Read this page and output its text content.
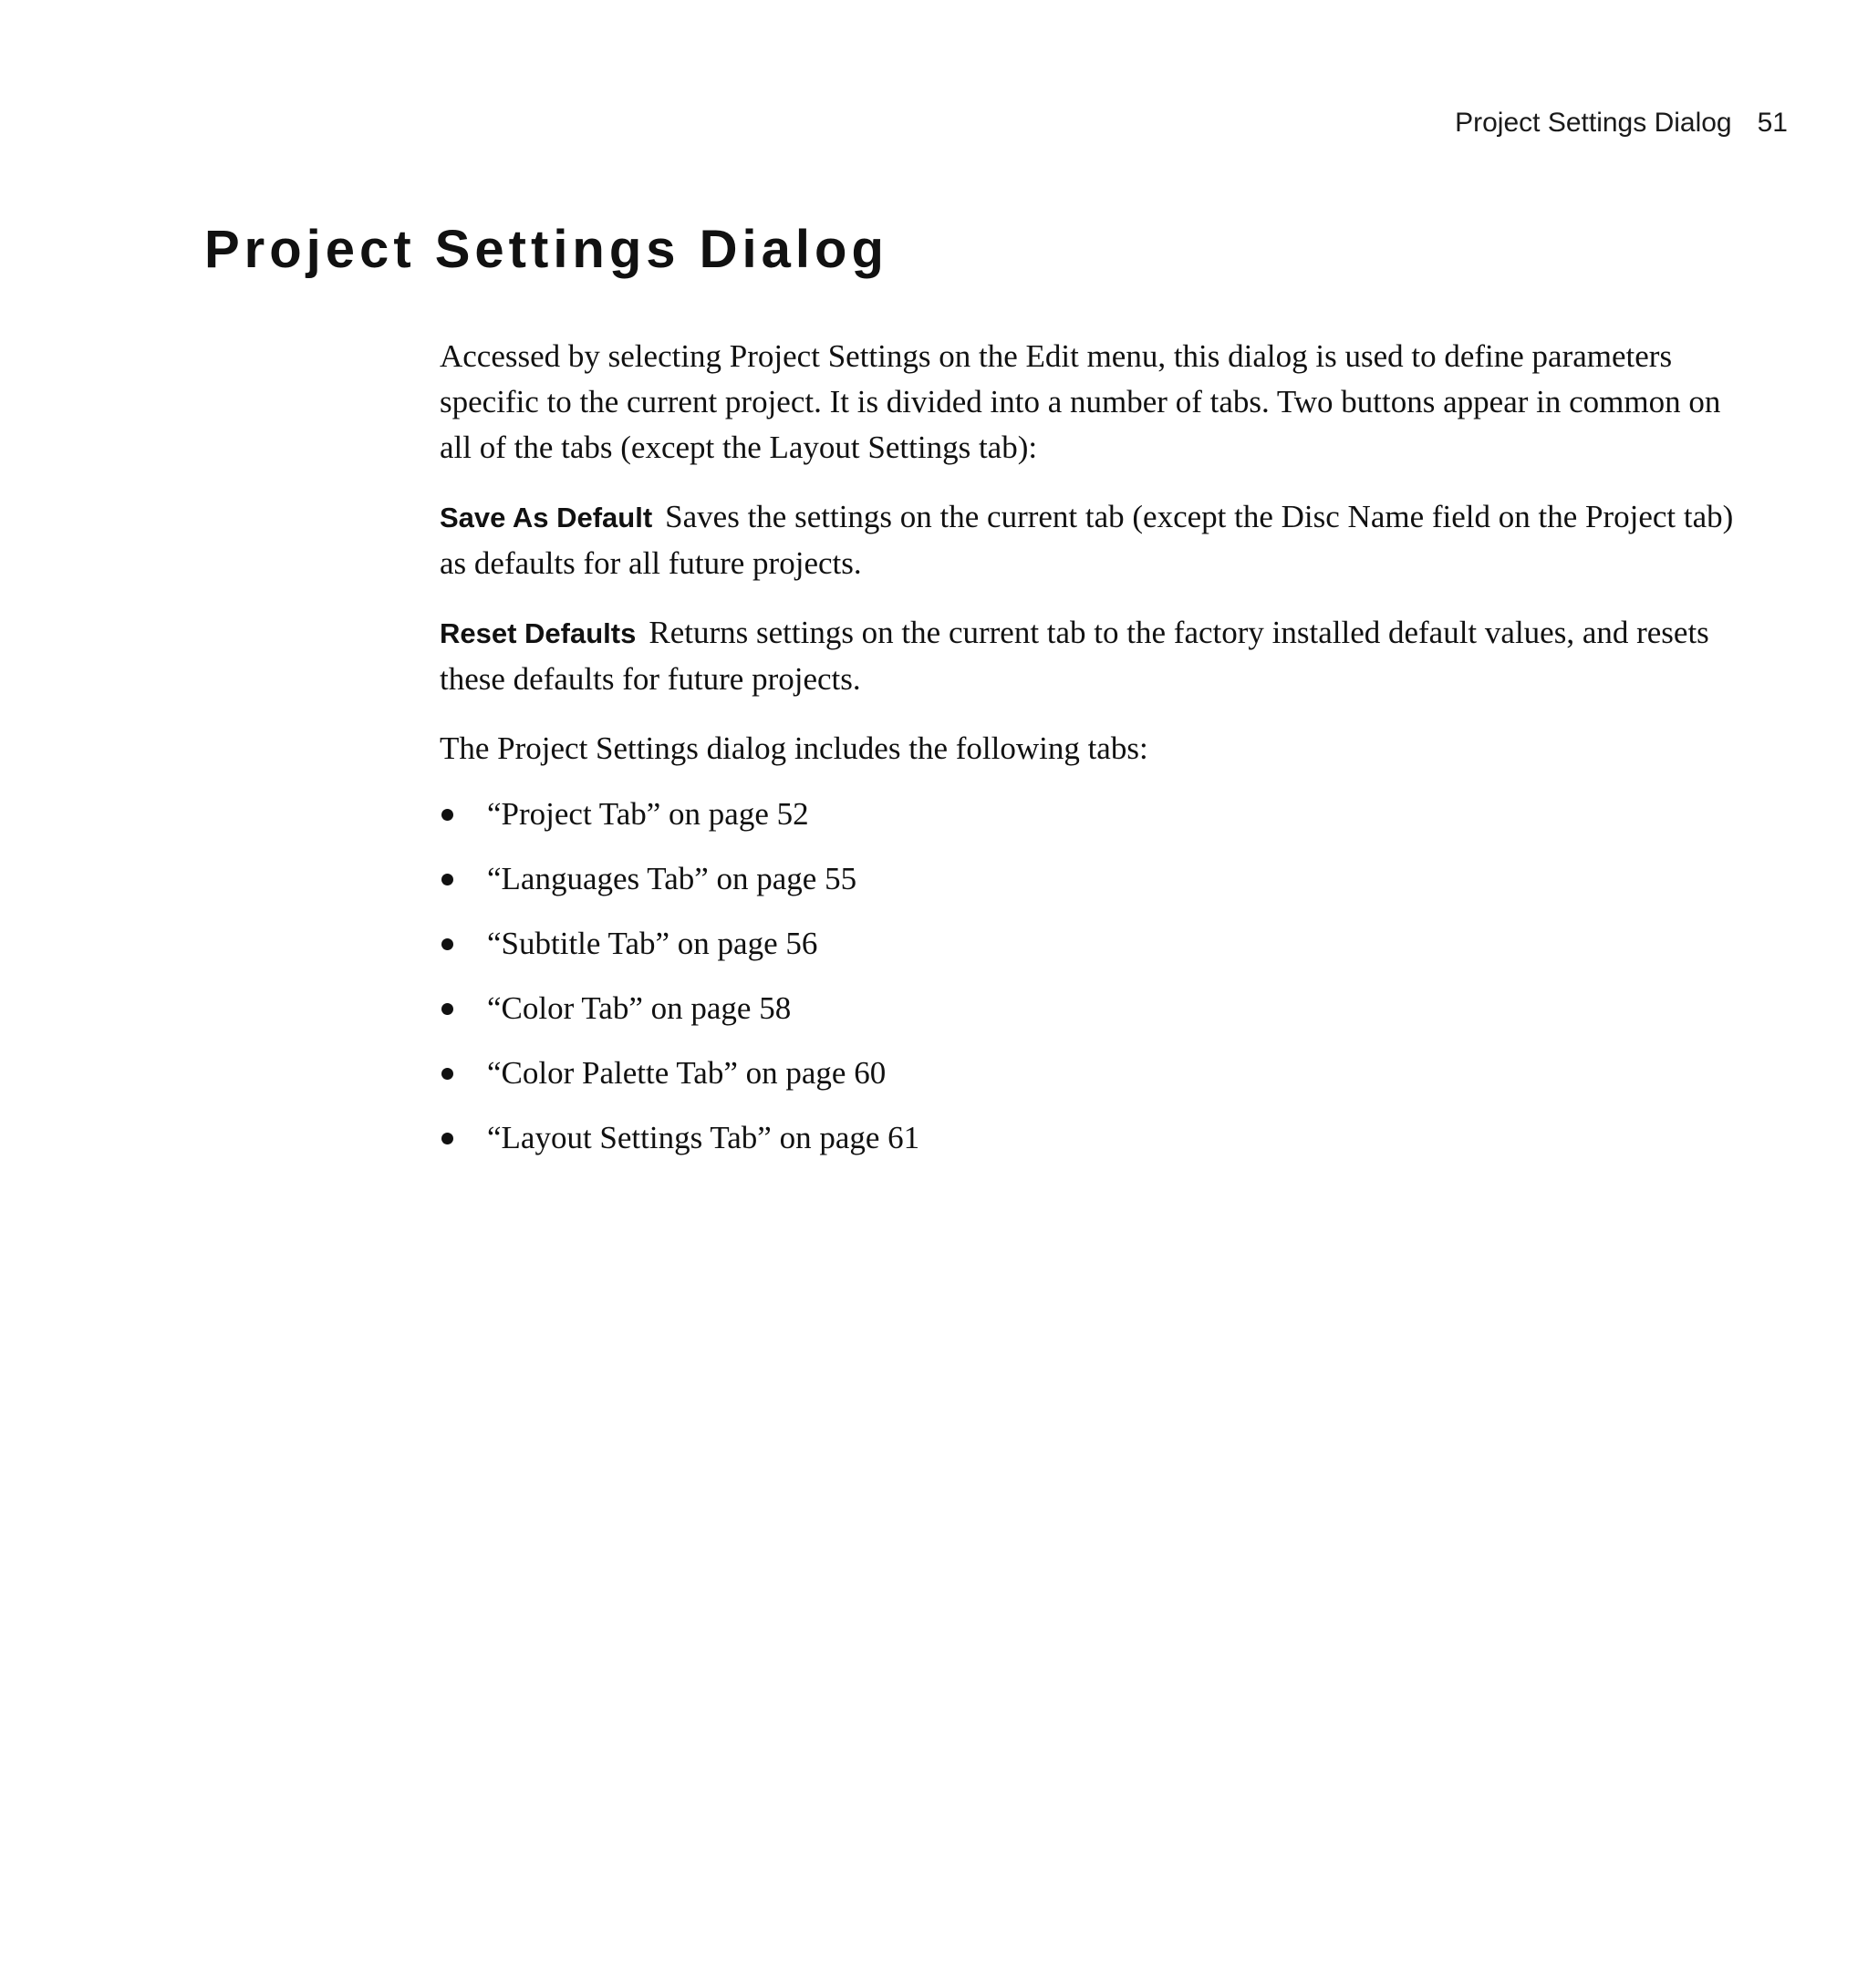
Project Settings Dialog 51
Project Settings Dialog

Accessed by selecting Project Settings on the Edit menu, this dialog is used to define parameters specific to the current project. It is divided into a number of tabs. Two buttons appear in common on all of the tabs (except the Layout Settings tab):

Save As Default Saves the settings on the current tab (except the Disc Name field on the Project tab) as defaults for all future projects.

Reset Defaults Returns settings on the current tab to the factory installed default values, and resets these defaults for future projects.

The Project Settings dialog includes the following tabs:

“Project Tab” on page 52
“Languages Tab” on page 55
“Subtitle Tab” on page 56
“Color Tab” on page 58
“Color Palette Tab” on page 60
“Layout Settings Tab” on page 61
